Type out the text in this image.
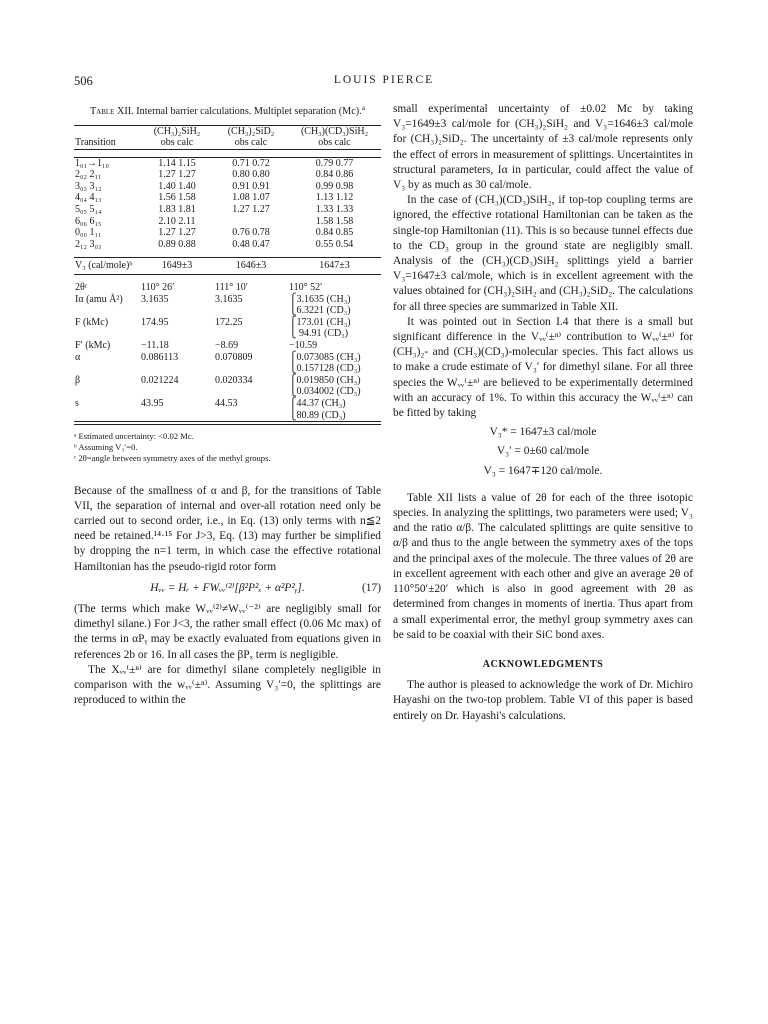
506	LOUIS PIERCE
Table XII. Internal barrier calculations. Multiplet separation (Mc).$^a$
	(CH₃)₂SiH₂	(CH₃)₂SiD₂	(CH₃)(CD₃)SiH₂
Transition	obs calc	obs calc	obs calc

1₀₁→1₁₀	1.14 1.15	0.71 0.72	0.79 0.77
2₀₂ 2₁₁	1.27 1.27	0.80 0.80	0.84 0.86
3₀₃ 3₁₂	1.40 1.40	0.91 0.91	0.99 0.98
4₀₄ 4₁₃	1.56 1.58	1.08 1.07	1.13 1.12
5₀₅ 5₁₄	1.83 1.81	1.27 1.27	1.33 1.33
6₀₆ 6₁₅	2.10 2.11		1.58 1.58
0₀₀ 1₁₁	1.27 1.27	0.76 0.78	0.84 0.85
2₁₂ 3₀₃	0.89 0.88	0.48 0.47	0.55 0.54

V₃ (cal/mole)ᵇ	1649±3	1646±3	1647±3

2θᶜ	110° 26′	111° 10′	110° 52′

Iα (amu Å²)	3.1635	3.1635	⎧3.1635 (CH₃)
⎩6.3221 (CD₃)

F (kMc)	174.95	172.25	⎧173.01 (CH₃)
⎩ 94.91 (CD₃)

F′ (kMc)	−11.18	−8.69	−10.59

α	0.086113	0.070809	⎧0.073085 (CH₃)
⎩0.157128 (CD₃)

β	0.021224	0.020334	⎧0.019850 (CH₃)
⎩0.034002 (CD₃)

s	43.95	44.53	⎧44.37 (CH₃)
⎩80.89 (CD₃)

ᵃ Estimated uncertainty: <0.02 Mc.
ᵇ Assuming V₃′=0.
ᶜ 2θ=angle between symmetry axes of the methyl groups.

Because of the smallness of α and β, for the transitions of Table VII, the separation of internal and over-all rotation need only be carried out to second order, i.e., in Eq. (13) only terms with n≦2 need be retained.¹⁴·¹⁵ For J>3, Eq. (13) may further be simplified by dropping the n=1 term, in which case the effective rotational Hamiltonian has the pseudo-rigid rotor form

Hᵥᵥ = Hᵣ + FWᵥᵥ⁽²⁾[β²P²ₓ + α²P²ᵧ].	(17)

(The terms which make Wᵥᵥ⁽²⁾≠Wᵥᵥ⁽⁻²⁾ are negligibly small for dimethyl silane.) For J<3, the rather small effect (0.06 Mc max) of the terms in αPᵧ may be exactly evaluated from equations given in references 2b or 16. In all cases the βPₓ term is negligible.

The Xᵥᵥ⁽±ⁿ⁾ are for dimethyl silane completely negligible in comparison with the wᵥᵥ⁽±ⁿ⁾. Assuming V₃′=0, the splittings are reproduced to within the

small experimental uncertainty of ±0.02 Mc by taking V₃=1649±3 cal/mole for (CH₃)₂SiH₂ and V₃=1646±3 cal/mole for (CH₃)₂SiD₂. The uncertainty of ±3 cal/mole represents only the effect of errors in measurement of splittings. Uncertaintites in structural parameters, Iα in particular, could affect the value of V₃ by as much as 30 cal/mole.

In the case of (CH₃)(CD₃)SiH₂, if top-top coupling terms are ignored, the effective rotational Hamiltonian can be taken as the single-top Hamiltonian (11). This is so because tunnel effects due to the CD₃ group in the ground state are negligibly small. Analysis of the (CH₃)(CD₃)SiH₂ splittings yield a barrier V₃=1647±3 cal/mole, which is in excellent agreement with the values obtained for (CH₃)₂SiH₂ and (CH₃)₂SiD₂. The calculations for all three species are summarized in Table XII.

It was pointed out in Section I.4 that there is a small but significant difference in the Vᵥᵥ⁽±ⁿ⁾ contribution to Wᵥᵥ⁽±ⁿ⁾ for (CH₃)₂- and (CH₃)(CD₃)-molecular species. This fact allows us to make a crude estimate of V₃′ for dimethyl silane. For all three species the Wᵥᵥ⁽±ⁿ⁾ are believed to be experimentally determined with an accuracy of 1%. To within this accuracy the Wᵥᵥ⁽±ⁿ⁾ can be fitted by taking

V₃* = 1647±3 cal/mole
V₃′ = 0±60 cal/mole
V₃ = 1647∓120 cal/mole.

Table XII lists a value of 2θ for each of the three isotopic species. In analyzing the splittings, two parameters were used; V₃ and the ratio α/β. The calculated splittings are quite sensitive to α/β and thus to the angle between the symmetry axes of the tops and the principal axes of the molecule. The three values of 2θ are in excellent agreement with each other and give an average 2θ of 110°50′±20′ which is also in good agreement with 2θ as determined from changes in moments of inertia. Thus apart from a small experimental error, the methyl group symmetry axes can be said to be coaxial with their SiC bond axes.

ACKNOWLEDGMENTS

The author is pleased to acknowledge the work of Dr. Michiro Hayashi on the two-top problem. Table VI of this paper is based entirely on Dr. Hayashi's calculations.
